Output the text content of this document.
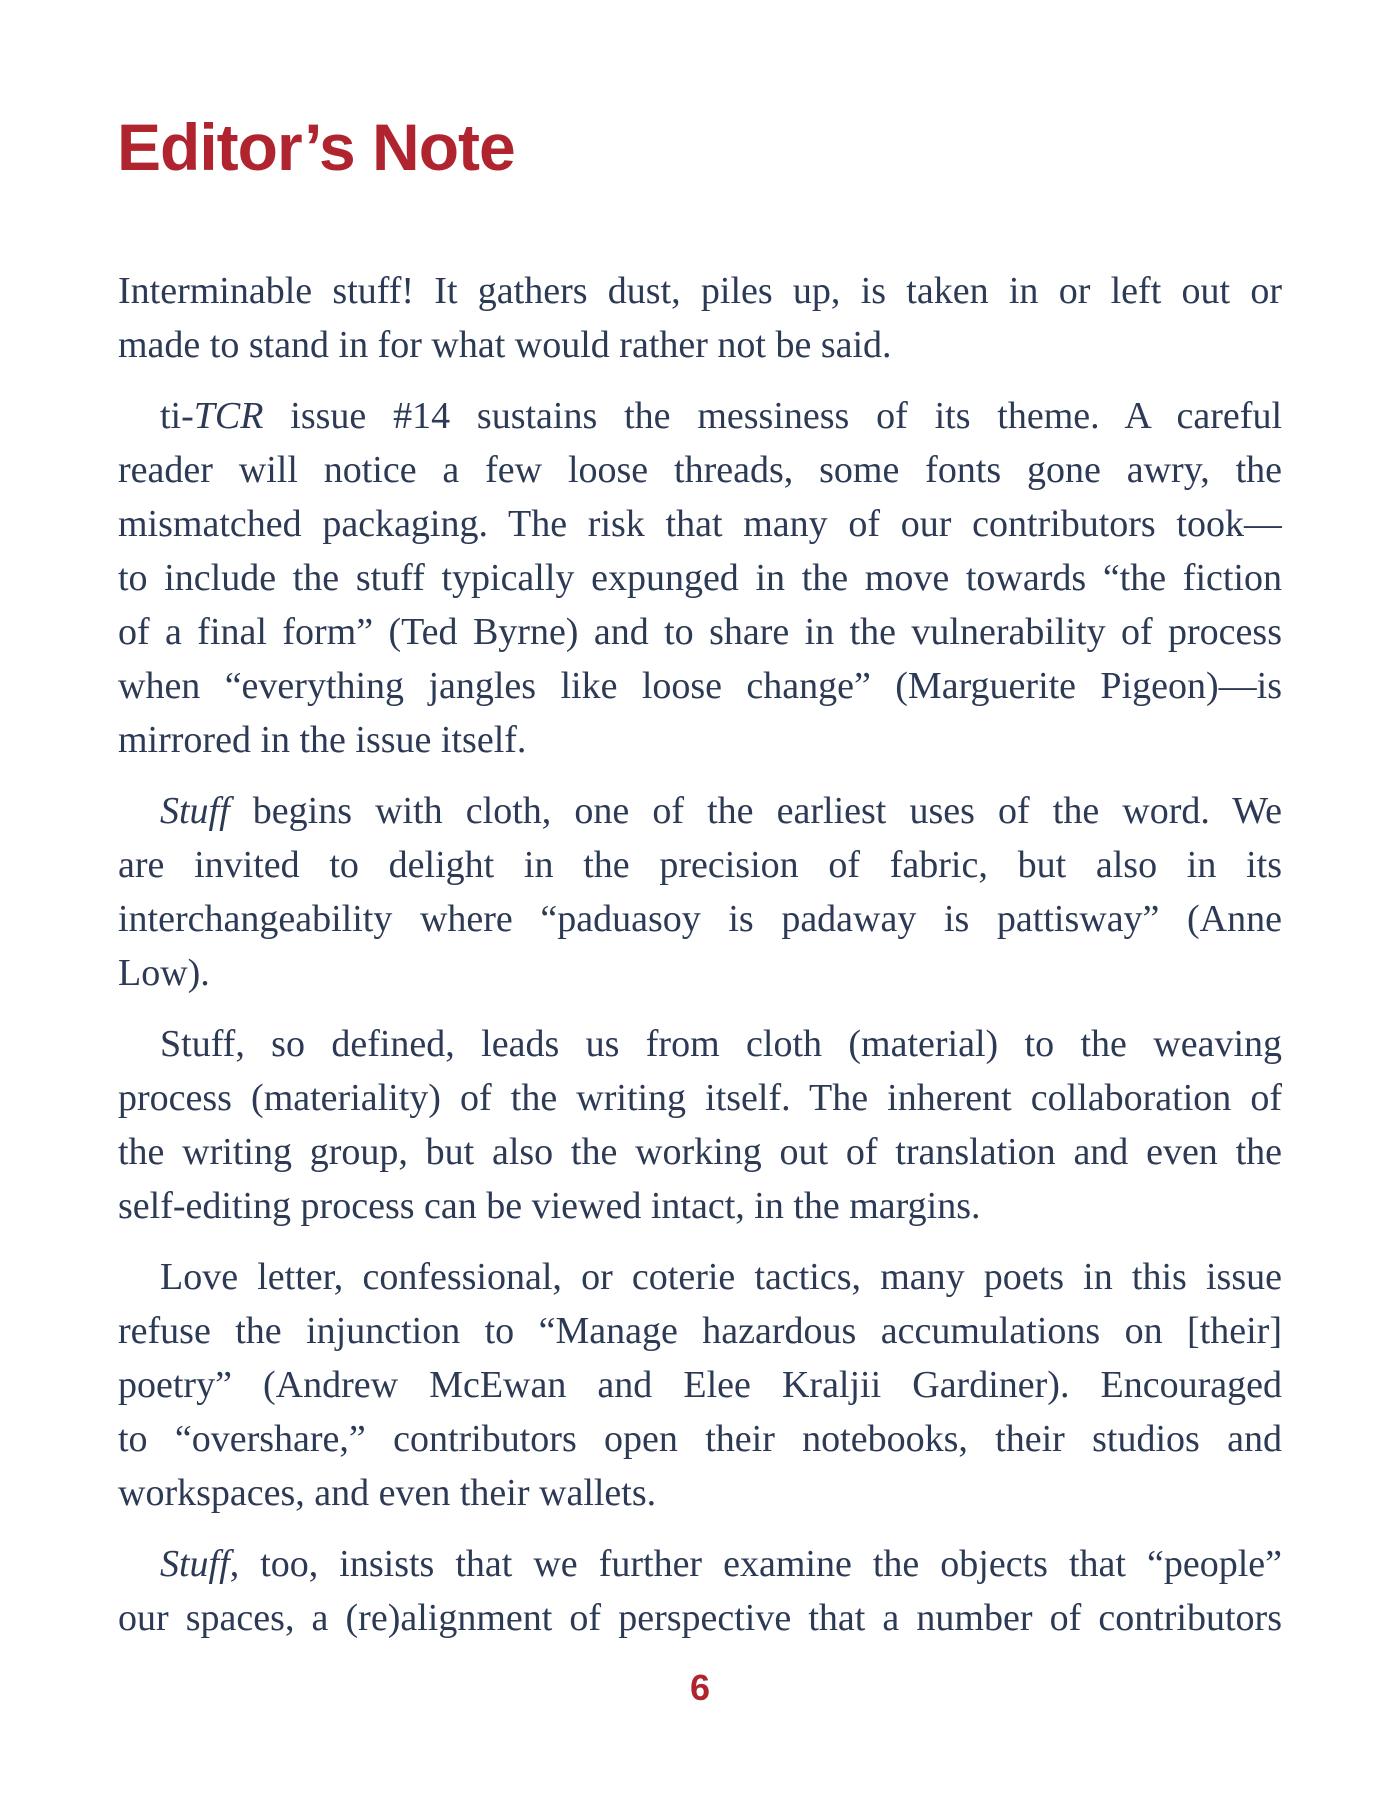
Editor’s Note
Interminable stuff! It gathers dust, piles up, is taken in or left out or
made to stand in for what would rather not be said.
ti-TCR issue #14 sustains the messiness of its theme. A careful
reader will notice a few loose threads, some fonts gone awry, the
mismatched packaging. The risk that many of our contributors took—
to include the stuff typically expunged in the move towards “the fiction
of a final form” (Ted Byrne) and to share in the vulnerability of process
when “everything jangles like loose change” (Marguerite Pigeon)—is
mirrored in the issue itself.
Stuff begins with cloth, one of the earliest uses of the word. We
are invited to delight in the precision of fabric, but also in its
interchangeability where “paduasoy is padaway is pattisway” (Anne
Low).
Stuff, so defined, leads us from cloth (material) to the weaving
process (materiality) of the writing itself. The inherent collaboration of
the writing group, but also the working out of translation and even the
self-editing process can be viewed intact, in the margins.
Love letter, confessional, or coterie tactics, many poets in this issue
refuse the injunction to “Manage hazardous accumulations on [their]
poetry” (Andrew McEwan and Elee Kraljii Gardiner). Encouraged
to “overshare,” contributors open their notebooks, their studios and
workspaces, and even their wallets.
Stuff, too, insists that we further examine the objects that “people”
our spaces, a (re)alignment of perspective that a number of contributors
6
